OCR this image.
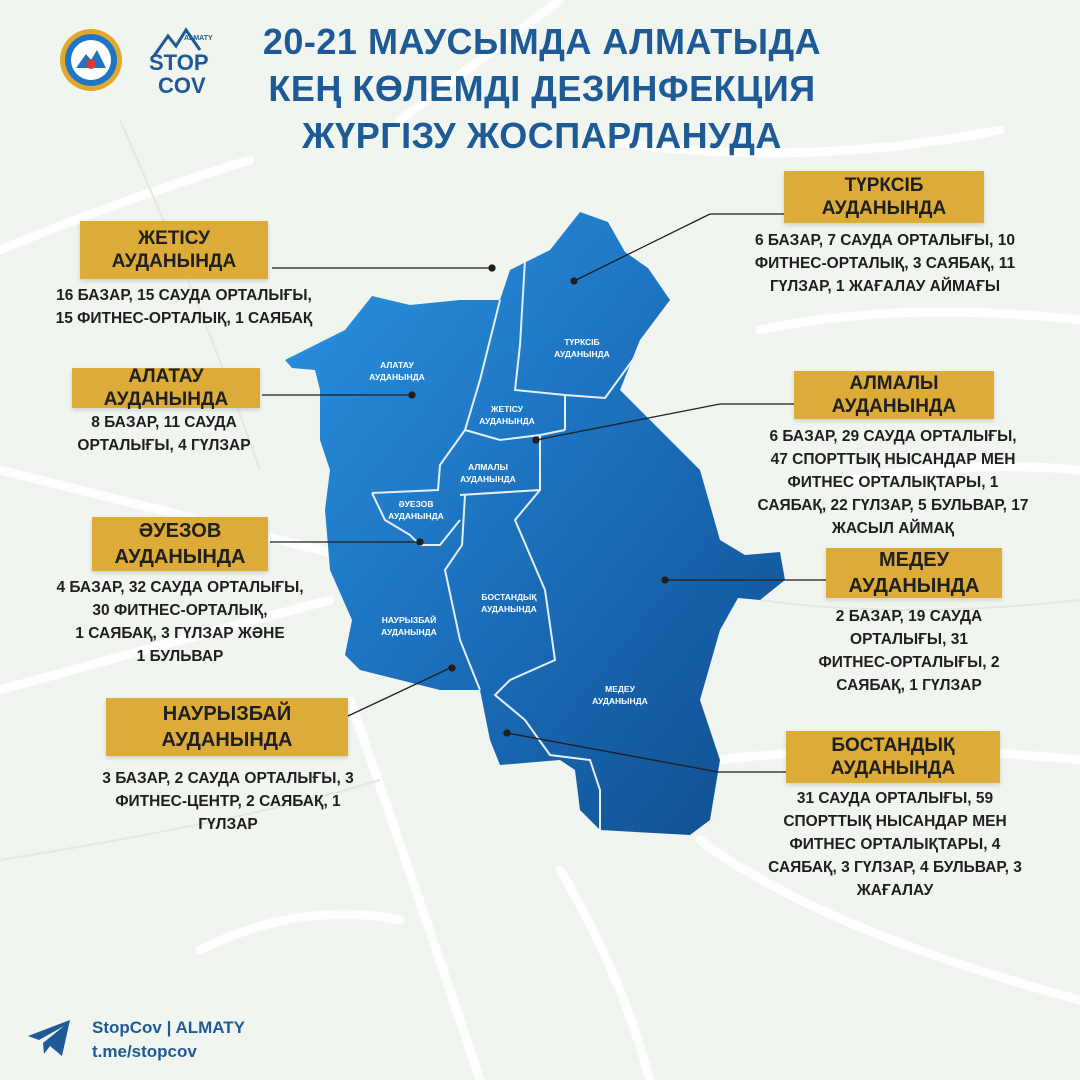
ALMATY
STOP
COV
20-21 МАУСЫМДА АЛМАТЫДА
КЕҢ КӨЛЕМДІ ДЕЗИНФЕКЦИЯ
ЖҮРГІЗУ ЖОСПАРЛАНУДА
АЛАТАУ
АУДАНЫНДА
ЖЕТІСУ
АУДАНЫНДА
ТҮРКСІБ
АУДАНЫНДА
АЛМАЛЫ
АУДАНЫНДА
ӘУЕЗОВ
АУДАНЫНДА
БОСТАНДЫҚ
АУДАНЫНДА
НАУРЫЗБАЙ
АУДАНЫНДА
МЕДЕУ
АУДАНЫНДА
ЖЕТІСУ
АУДАНЫНДА
16 БАЗАР, 15 САУДА ОРТАЛЫҒЫ,
15 ФИТНЕС-ОРТАЛЫҚ, 1 САЯБАҚ
АЛАТАУ
АУДАНЫНДА
8 БАЗАР, 11 САУДА
ОРТАЛЫҒЫ, 4 ГҮЛЗАР
ӘУЕЗОВ
АУДАНЫНДА
4 БАЗАР, 32 САУДА ОРТАЛЫҒЫ,
30 ФИТНЕС-ОРТАЛЫҚ,
1 САЯБАҚ, 3 ГҮЛЗАР ЖӘНЕ
1 БУЛЬВАР
НАУРЫЗБАЙ
АУДАНЫНДА
3 БАЗАР, 2 САУДА ОРТАЛЫҒЫ, 3
ФИТНЕС-ЦЕНТР, 2 САЯБАҚ, 1
ГҮЛЗАР
ТҮРКСІБ
АУДАНЫНДА
6 БАЗАР, 7 САУДА ОРТАЛЫҒЫ, 10
ФИТНЕС-ОРТАЛЫҚ, 3 САЯБАҚ, 11
ГҮЛЗАР, 1 ЖАҒАЛАУ АЙМАҒЫ
АЛМАЛЫ
АУДАНЫНДА
6 БАЗАР, 29 САУДА ОРТАЛЫҒЫ,
47 СПОРТТЫҚ НЫСАНДАР МЕН
ФИТНЕС ОРТАЛЫҚТАРЫ, 1
САЯБАҚ, 22 ГҮЛЗАР, 5 БУЛЬВАР, 17
ЖАСЫЛ АЙМАҚ
МЕДЕУ
АУДАНЫНДА
2 БАЗАР, 19 САУДА
ОРТАЛЫҒЫ, 31
ФИТНЕС-ОРТАЛЫҒЫ, 2
САЯБАҚ, 1 ГҮЛЗАР
БОСТАНДЫҚ
АУДАНЫНДА
31 САУДА ОРТАЛЫҒЫ, 59
СПОРТТЫҚ НЫСАНДАР МЕН
ФИТНЕС ОРТАЛЫҚТАРЫ, 4
САЯБАҚ, 3 ГҮЛЗАР, 4 БУЛЬВАР, 3
ЖАҒАЛАУ
StopCov | ALMATY
t.me/stopcov
